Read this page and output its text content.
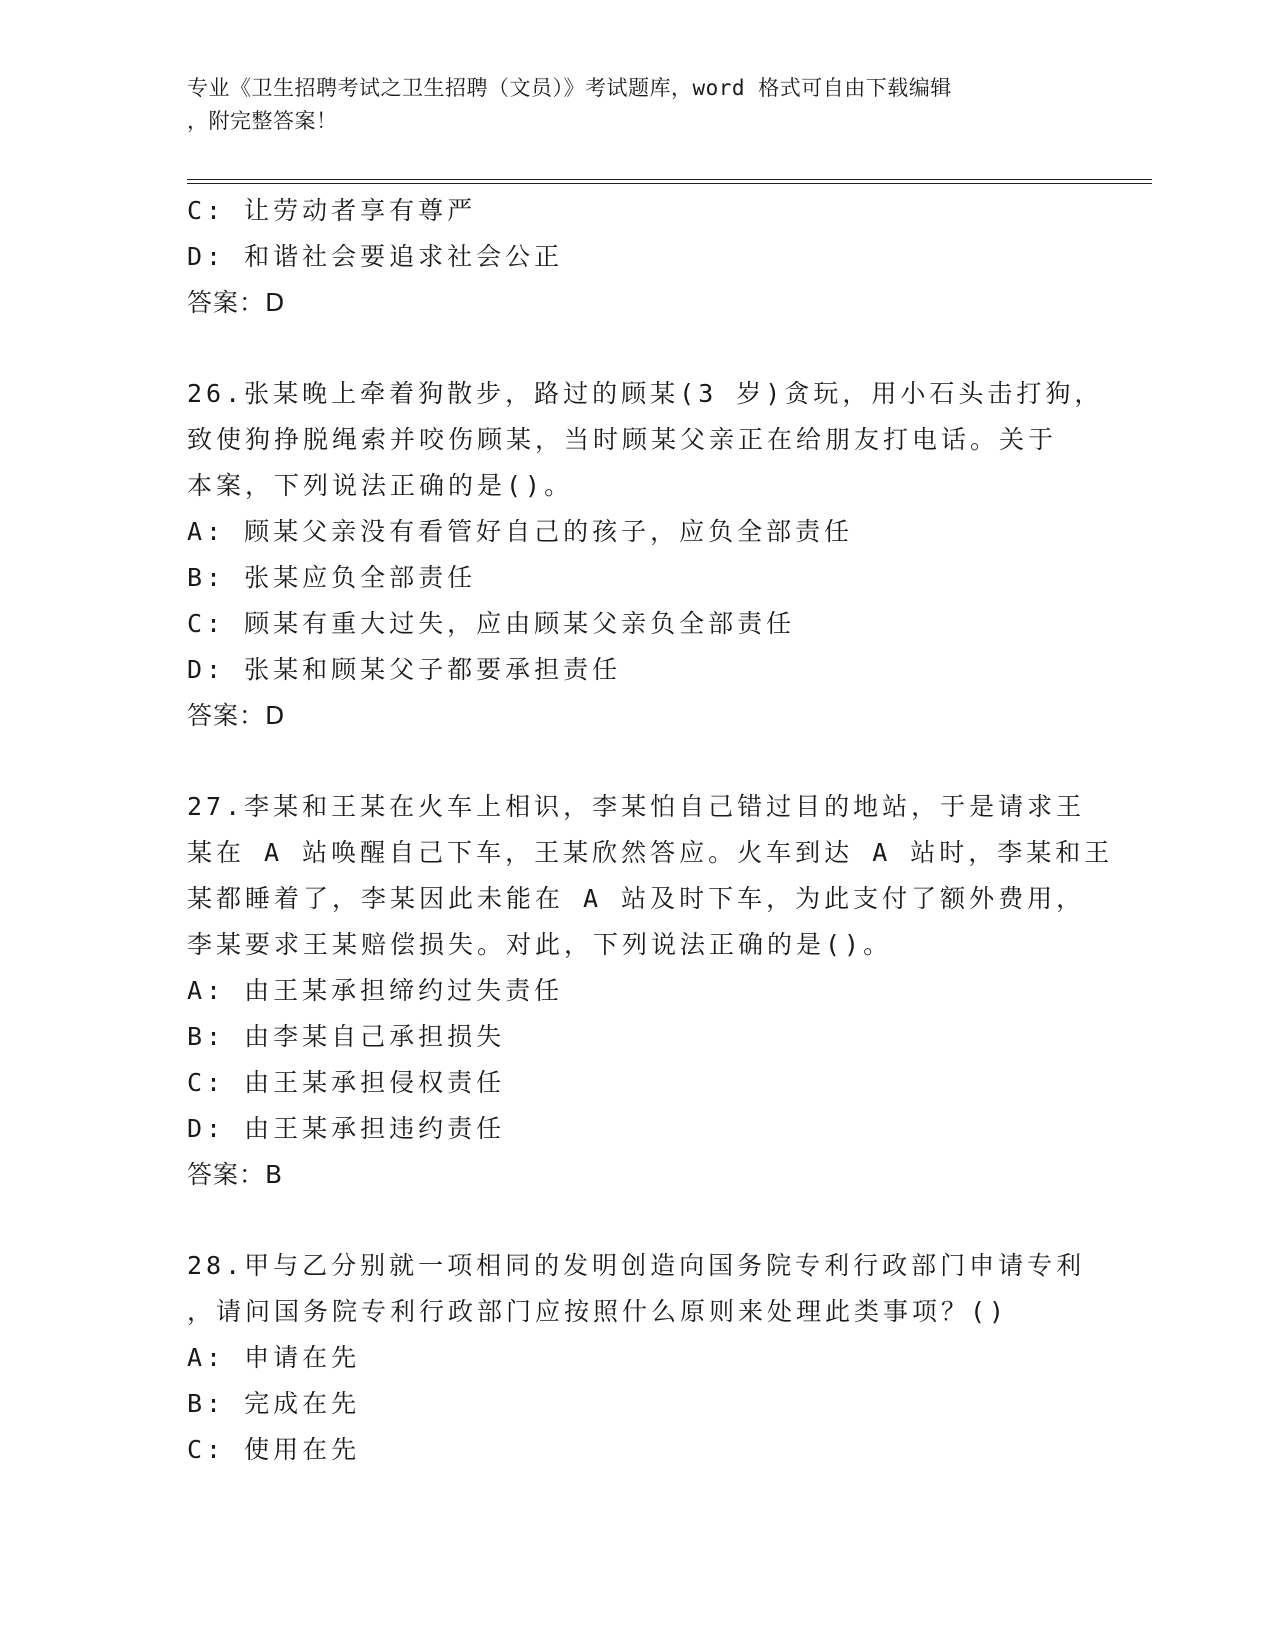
专业《卫生招聘考试之卫生招聘（文员）》考试题库，word 格式可自由下载编辑
，附完整答案！
C: 让劳动者享有尊严
D: 和谐社会要追求社会公正
答案：D
26.张某晚上牵着狗散步，路过的顾某(3 岁)贪玩，用小石头击打狗，
致使狗挣脱绳索并咬伤顾某，当时顾某父亲正在给朋友打电话。关于
本案，下列说法正确的是()。
A: 顾某父亲没有看管好自己的孩子，应负全部责任
B: 张某应负全部责任
C: 顾某有重大过失，应由顾某父亲负全部责任
D: 张某和顾某父子都要承担责任
答案：D
27.李某和王某在火车上相识，李某怕自己错过目的地站，于是请求王
某在 A 站唤醒自己下车，王某欣然答应。火车到达 A 站时，李某和王
某都睡着了，李某因此未能在 A 站及时下车，为此支付了额外费用，
李某要求王某赔偿损失。对此，下列说法正确的是()。
A: 由王某承担缔约过失责任
B: 由李某自己承担损失
C: 由王某承担侵权责任
D: 由王某承担违约责任
答案：B
28.甲与乙分别就一项相同的发明创造向国务院专利行政部门申请专利
，请问国务院专利行政部门应按照什么原则来处理此类事项？()
A: 申请在先
B: 完成在先
C: 使用在先
